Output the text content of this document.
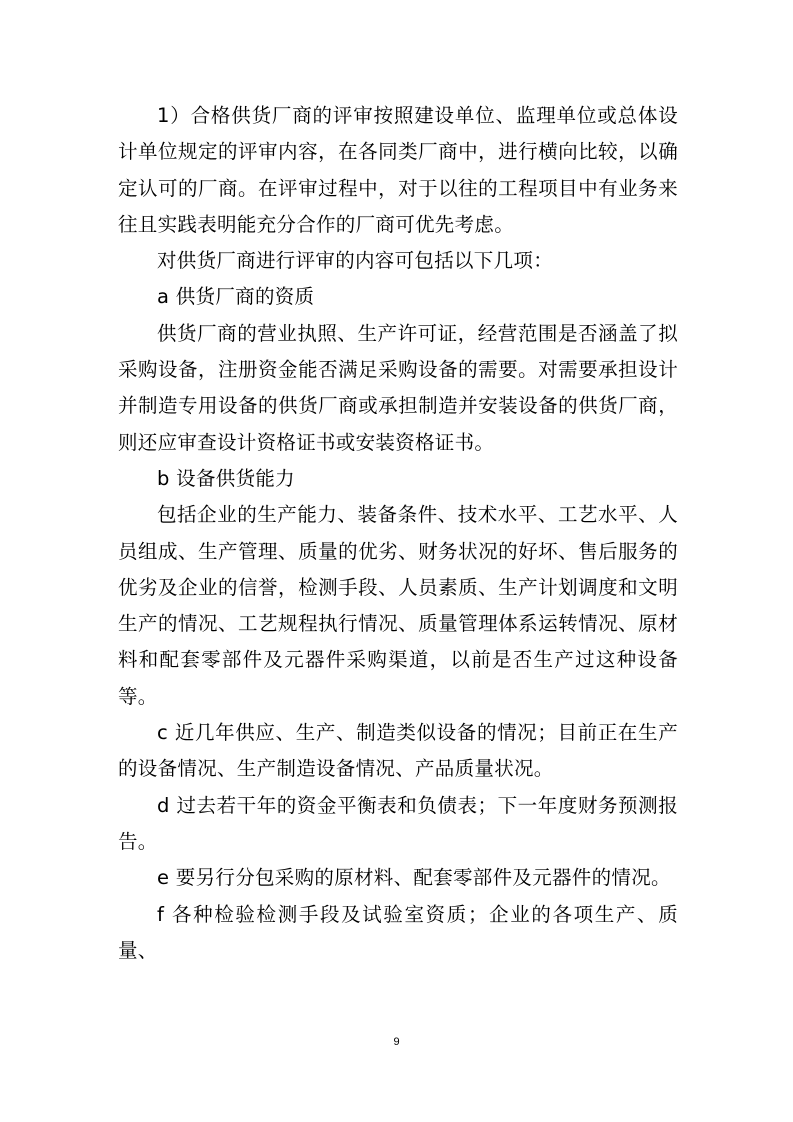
1）合格供货厂商的评审按照建设单位、监理单位或总体设计单位规定的评审内容，在各同类厂商中，进行横向比较，以确定认可的厂商。在评审过程中，对于以往的工程项目中有业务来往且实践表明能充分合作的厂商可优先考虑。

对供货厂商进行评审的内容可包括以下几项：

a 供货厂商的资质

供货厂商的营业执照、生产许可证，经营范围是否涵盖了拟采购设备，注册资金能否满足采购设备的需要。对需要承担设计并制造专用设备的供货厂商或承担制造并安装设备的供货厂商，则还应审查设计资格证书或安装资格证书。

b 设备供货能力

包括企业的生产能力、装备条件、技术水平、工艺水平、人员组成、生产管理、质量的优劣、财务状况的好坏、售后服务的优劣及企业的信誉，检测手段、人员素质、生产计划调度和文明生产的情况、工艺规程执行情况、质量管理体系运转情况、原材料和配套零部件及元器件采购渠道，以前是否生产过这种设备等。

c 近几年供应、生产、制造类似设备的情况；目前正在生产的设备情况、生产制造设备情况、产品质量状况。

d 过去若干年的资金平衡表和负债表；下一年度财务预测报告。

e 要另行分包采购的原材料、配套零部件及元器件的情况。

f 各种检验检测手段及试验室资质；企业的各项生产、质量、

9
